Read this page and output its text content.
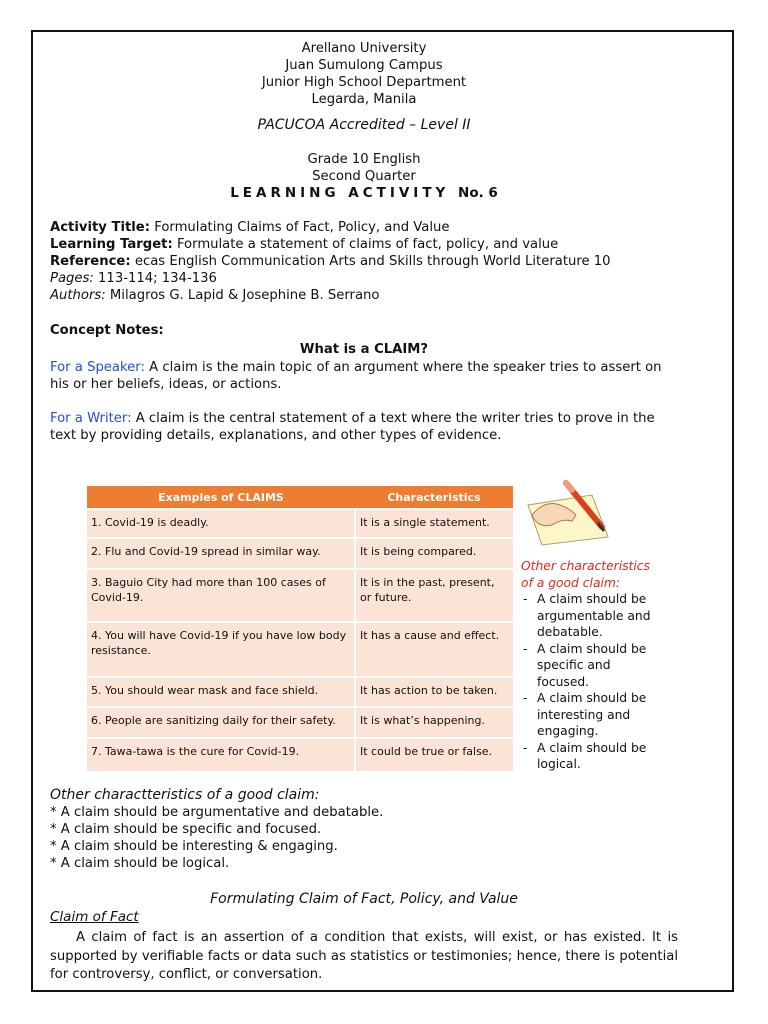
Arellano University
Juan Sumulong Campus
Junior High School Department
Legarda, Manila
PACUCOA Accredited – Level II
Grade 10 English
Second Quarter
LEARNING ACTIVITY No. 6
Activity Title: Formulating Claims of Fact, Policy, and Value
Learning Target: Formulate a statement of claims of fact, policy, and value
Reference: ecas English Communication Arts and Skills through World Literature 10
Pages: 113-114; 134-136
Authors: Milagros G. Lapid & Josephine B. Serrano
Concept Notes:
What is a CLAIM?
For a Speaker: A claim is the main topic of an argument where the speaker tries to assert on his or her beliefs, ideas, or actions.
For a Writer: A claim is the central statement of a text where the writer tries to prove in the text by providing details, explanations, and other types of evidence.
Examples of CLAIMS	Characteristics
1. Covid-19 is deadly.	It is a single statement.
2. Flu and Covid-19 spread in similar way.	It is being compared.
3. Baguio City had more than 100 cases of Covid-19.	It is in the past, present, or future.
4. You will have Covid-19 if you have low body resistance.	It has a cause and effect.
5. You should wear mask and face shield.	It has action to be taken.
6. People are sanitizing daily for their safety.	It is what’s happening.
7. Tawa-tawa is the cure for Covid-19.	It could be true or false.
Other characteristics of a good claim:
- A claim should be argumentable and debatable.
- A claim should be specific and focused.
- A claim should be interesting and engaging.
- A claim should be logical.
Other charactteristics of a good claim:
* A claim should be argumentative and debatable.
* A claim should be specific and focused.
* A claim should be interesting & engaging.
* A claim should be logical.
Formulating Claim of Fact, Policy, and Value
Claim of Fact
A claim of fact is an assertion of a condition that exists, will exist, or has existed. It is supported by verifiable facts or data such as statistics or testimonies; hence, there is potential for controversy, conflict, or conversation.
